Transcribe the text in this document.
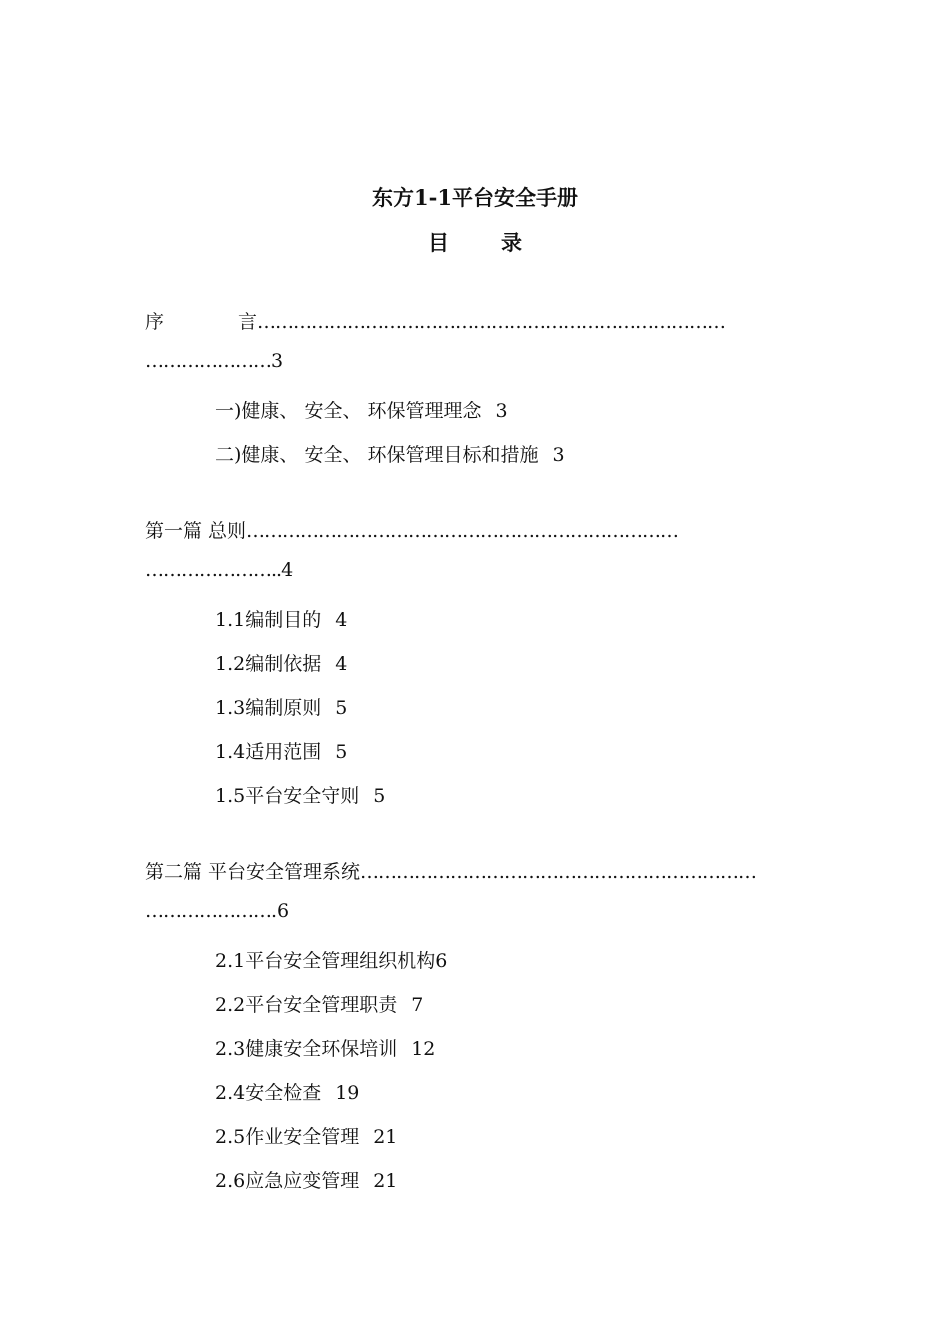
东方1-1平台安全手册
目 录
序	言……………………………………………………………………
…………………3
一)健康、 安全、 环保管理理念 3
二)健康、 安全、 环保管理目标和措施 3
第一篇 总则………………………………………………………………
…………………..4
1.1编制目的 4
1.2编制依据 4
1.3编制原则 5
1.4适用范围 5
1.5平台安全守则 5
第二篇 平台安全管理系统…………………………………………………………
………………….6
2.1平台安全管理组织机构6
2.2平台安全管理职责 7
2.3健康安全环保培训 12
2.4安全检查 19
2.5作业安全管理 21
2.6应急应变管理 21
